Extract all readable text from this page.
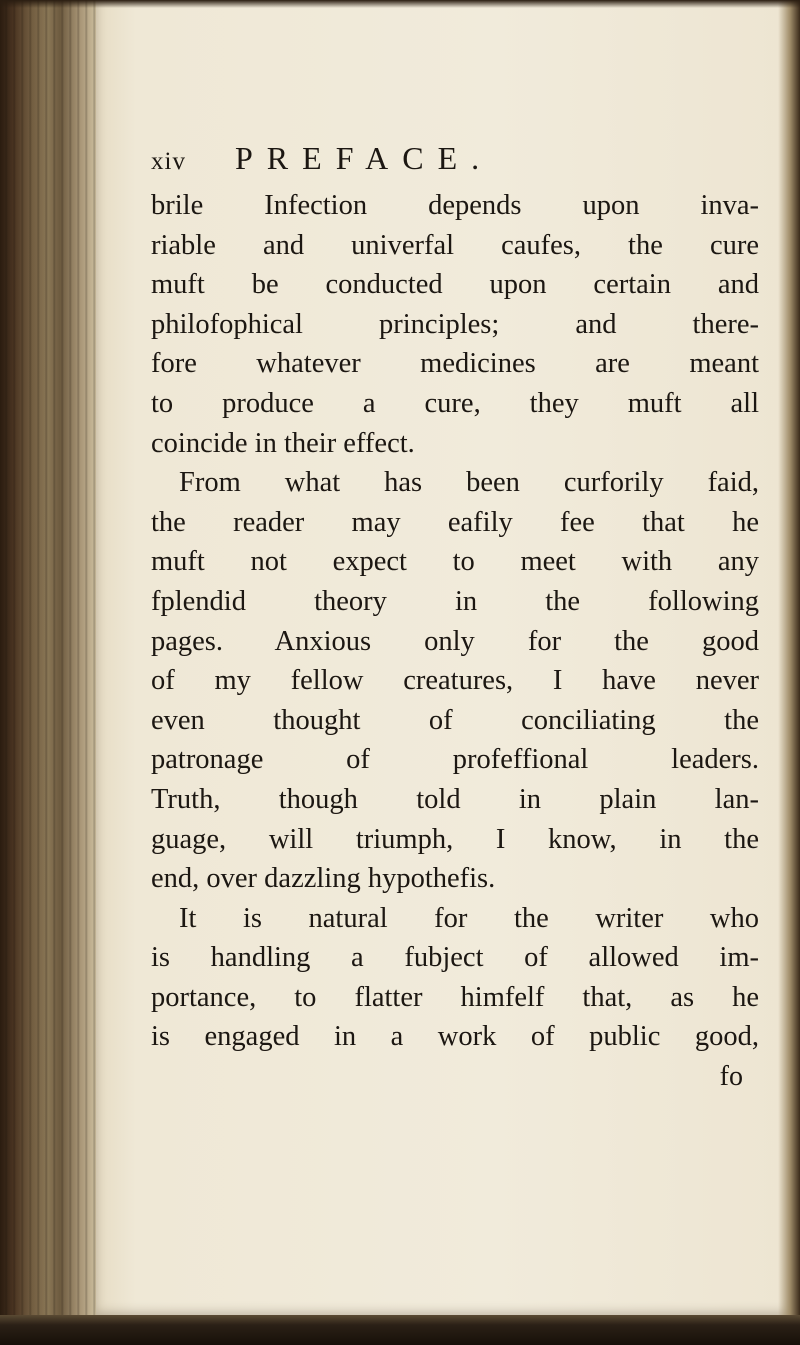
xiv	PREFACE.
brile Infection depends upon inva-
riable and univerfal caufes, the cure
muft be conducted upon certain and
philofophical principles; and there-
fore whatever medicines are meant
to produce a cure, they muft all
coincide in their effect.
From what has been curforily faid,
the reader may eafily fee that he
muft not expect to meet with any
fplendid theory in the following
pages. Anxious only for the good
of my fellow creatures, I have never
even thought of conciliating the
patronage of profeffional leaders.
Truth, though told in plain lan-
guage, will triumph, I know, in the
end, over dazzling hypothefis.
It is natural for the writer who
is handling a fubject of allowed im-
portance, to flatter himfelf that, as he
is engaged in a work of public good,
fo
